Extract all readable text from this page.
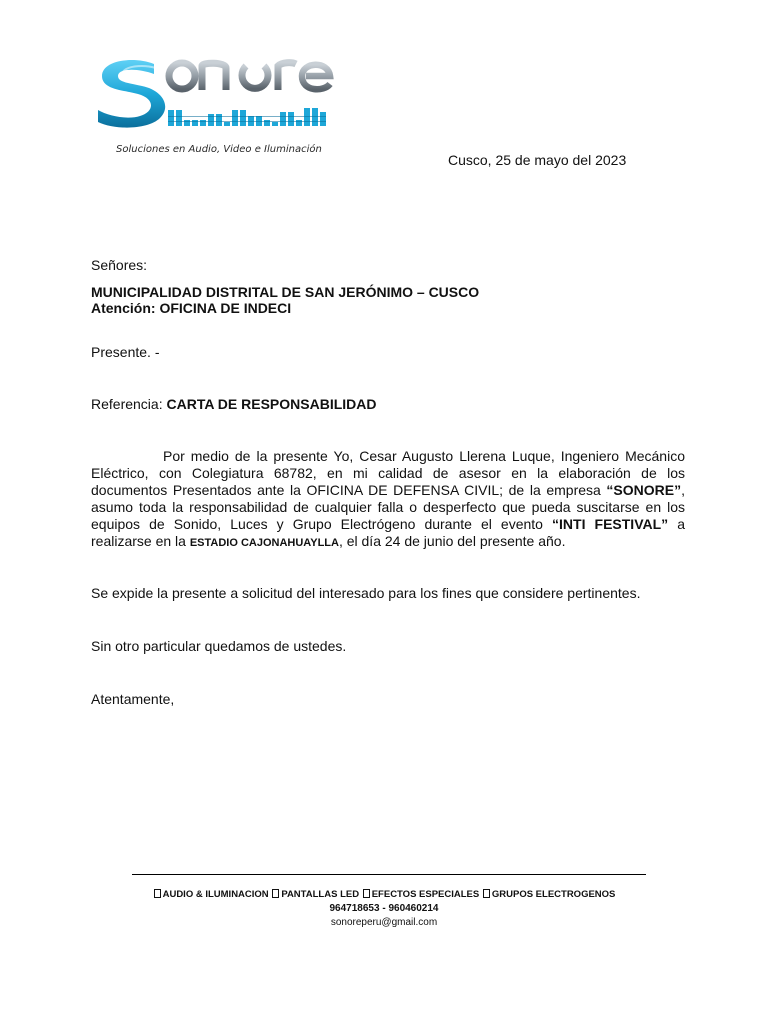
Soluciones en Audio, Video e Iluminación
Cusco, 25 de mayo del 2023
Señores:
MUNICIPALIDAD DISTRITAL DE SAN JERÓNIMO – CUSCO
Atención: OFICINA DE INDECI
Presente. -
Referencia: CARTA DE RESPONSABILIDAD
Por medio de la presente Yo, Cesar Augusto Llerena Luque, Ingeniero Mecánico
Eléctrico, con Colegiatura 68782, en mi calidad de asesor en la elaboración de los
documentos Presentados ante la OFICINA DE DEFENSA CIVIL; de la empresa “SONORE”,
asumo toda la responsabilidad de cualquier falla o desperfecto que pueda suscitarse en los
equipos de Sonido, Luces y Grupo Electrógeno durante el evento “INTI FESTIVAL” a
realizarse en la ESTADIO CAJONAHUAYLLA, el día 24 de junio del presente año.
Se expide la presente a solicitud del interesado para los fines que considere pertinentes.
Sin otro particular quedamos de ustedes.
Atentamente,
AUDIO & ILUMINACION PANTALLAS LED EFECTOS ESPECIALES GRUPOS ELECTROGENOS
964718653 - 960460214
sonoreperu@gmail.com
